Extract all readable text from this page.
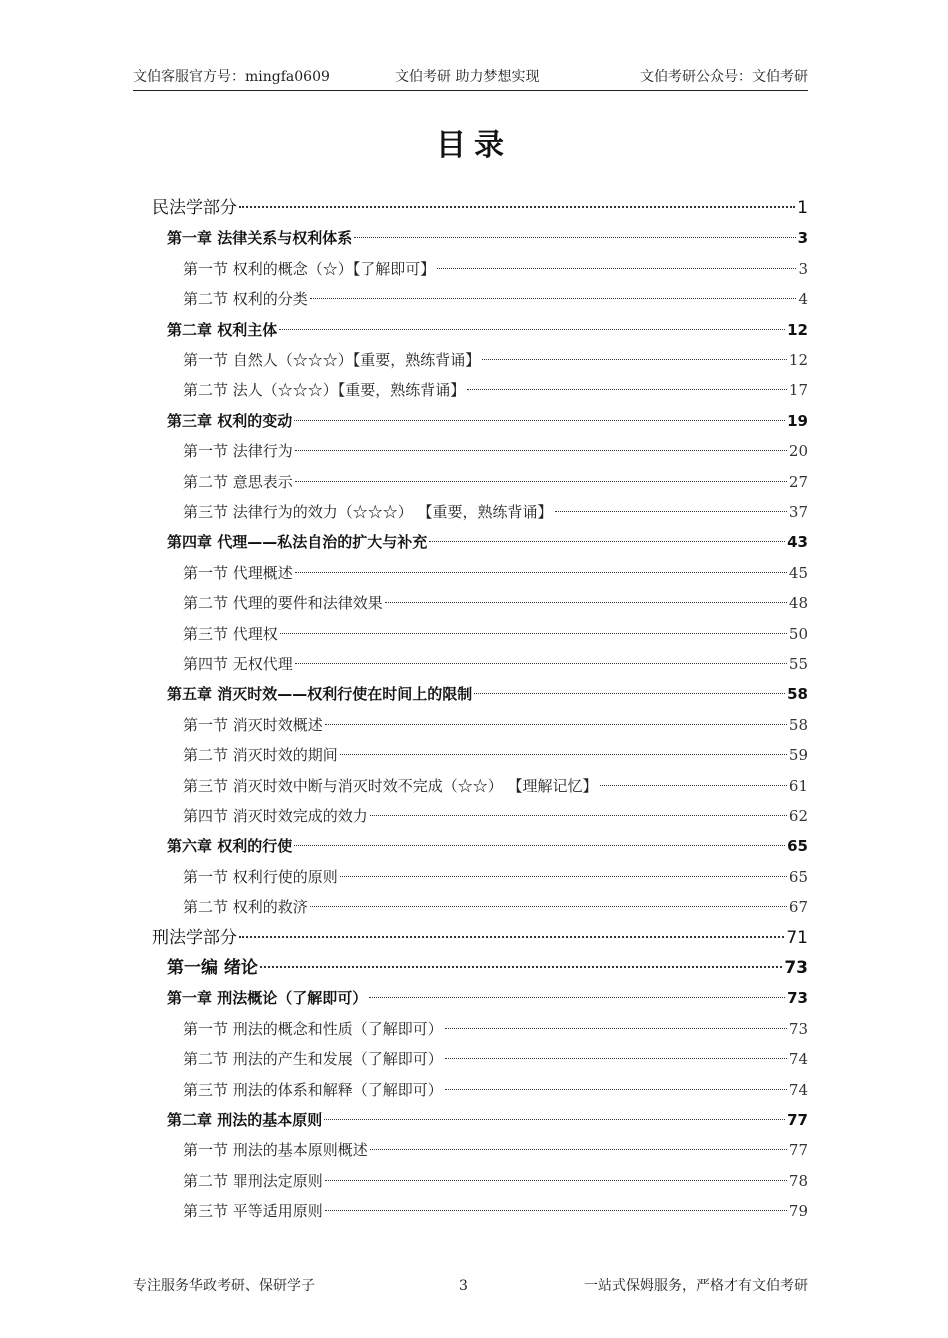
文伯客服官方号：mingfa0609	文伯考研 助力梦想实现	文伯考研公众号：文伯考研
目录
民法学部分	1
第一章 法律关系与权利体系	3
第一节 权利的概念（☆）【了解即可】	3
第二节 权利的分类	4
第二章 权利主体	12
第一节 自然人（☆☆☆）【重要，熟练背诵】	12
第二节 法人（☆☆☆）【重要，熟练背诵】	17
第三章 权利的变动	19
第一节 法律行为	20
第二节 意思表示	27
第三节 法律行为的效力（☆☆☆） 【重要，熟练背诵】	37
第四章 代理——私法自治的扩大与补充	43
第一节 代理概述	45
第二节 代理的要件和法律效果	48
第三节 代理权	50
第四节 无权代理	55
第五章 消灭时效——权利行使在时间上的限制	58
第一节 消灭时效概述	58
第二节 消灭时效的期间	59
第三节 消灭时效中断与消灭时效不完成（☆☆） 【理解记忆】	61
第四节 消灭时效完成的效力	62
第六章 权利的行使	65
第一节 权利行使的原则	65
第二节 权利的救济	67
刑法学部分	71
第一编 绪论	73
第一章 刑法概论（了解即可）	73
第一节 刑法的概念和性质（了解即可）	73
第二节 刑法的产生和发展（了解即可）	74
第三节 刑法的体系和解释（了解即可）	74
第二章 刑法的基本原则	77
第一节 刑法的基本原则概述	77
第二节 罪刑法定原则	78
第三节 平等适用原则	79
专注服务华政考研、保研学子	3	一站式保姆服务，严格才有文伯考研
